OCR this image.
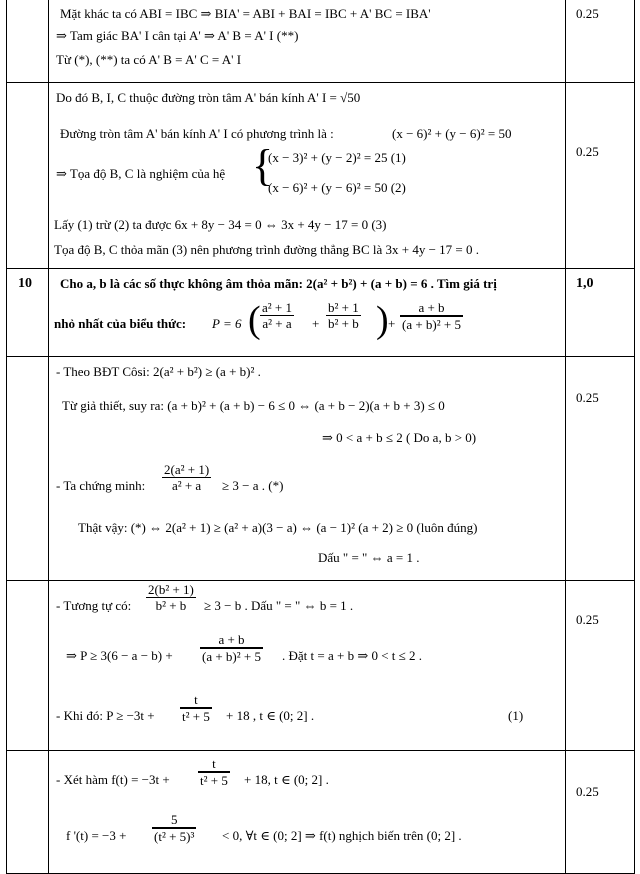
Mặt khác ta có ABI = IBC ⇒ BIA' = ABI + BAI = IBC + A' BC = IBA'
⇒ Tam giác BA' I cân tại A' ⇒ A' B = A' I (**)
Từ (*), (**) ta có A' B = A' C = A' I
0.25
Do đó B, I, C thuộc đường tròn tâm A' bán kính A' I = √50
Đường tròn tâm A' bán kính A' I có phương trình là :	(x − 6)² + (y − 6)² = 50
⇒ Tọa độ B, C là nghiệm của hệ {
(x − 3)² + (y − 2)² = 25 (1)
(x − 6)² + (y − 6)² = 50 (2)
Lấy (1) trừ (2) ta được 6x + 8y − 34 = 0 ⇔ 3x + 4y − 17 = 0 (3)
Tọa độ B, C thỏa mãn (3) nên phương trình đường thẳng BC là 3x + 4y − 17 = 0 .
0.25
10 Cho a, b là các số thực không âm thỏa mãn: 2(a² + b²) + (a + b) = 6 . Tìm giá trị
nhỏ nhất của biểu thức: P = 6 ( $\frac{\text{a² + 1}}{\text{a² + a}} + \frac{\text{b² + 1}}{\text{b² + b}}$ ) + $\frac{a + b}{\text{(a + b)² + 5}}$
1,0
- Theo BĐT Côsi: 2(a² + b²) ≥ (a + b)² .
Từ giả thiết, suy ra: (a + b)² + (a + b) − 6 ≤ 0 ⇔ (a + b − 2)(a + b + 3) ≤ 0
⇒ 0 < a + b ≤ 2 ( Do a, b > 0)
- Ta chứng minh: $\frac{\text{2(a² + 1)}}{\text{a² + a}} \ge 3 - a$ . (*)
Thật vậy: (*) ⇔ 2(a² + 1) ≥ (a² + a)(3 − a) ⇔ (a − 1)² (a + 2) ≥ 0 (luôn đúng)
Dấu " = " ⇔ a = 1 .
0.25
- Tương tự có: $\frac{\text{2(b² + 1)}}{\text{b² + b}} \ge 3 - b$ . Dấu " = " ⇔ b = 1 .
⇒ $P \ge 3(6 - a - b) + \frac{a + b}{\text{(a + b)² + 5}}$ . Đặt t = a + b ⇒ 0 < t ≤ 2 .
- Khi đó: $P \ge -3t + \frac{t}{\text{t² + 5}} + 18$ , t ∈ (0; 2] .	(1)
0.25
- Xét hàm $f(t) = -3t + \frac{t}{\text{t² + 5}} + 18$, t ∈ (0; 2] .
f '$(t) = -3 + \frac{5}{\text{(t² + 5)³}} < 0$, ∀t ∈ (0; 2] ⇒ f(t) nghịch biến trên (0; 2] .
0.25
